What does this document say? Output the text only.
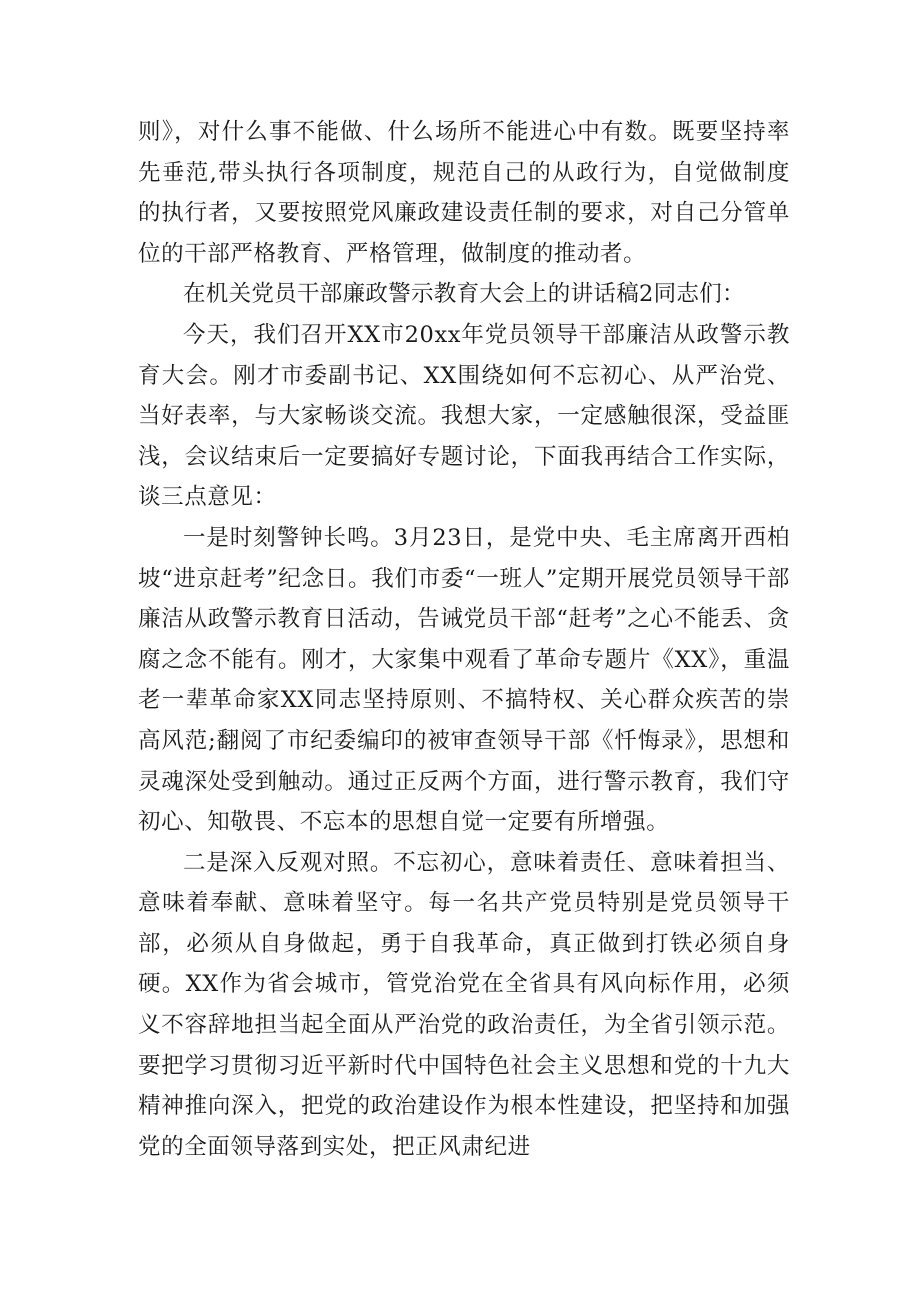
则》，对什么事不能做、什么场所不能进心中有数。既要坚持率先垂范,带头执行各项制度，规范自己的从政行为，自觉做制度的执行者，又要按照党风廉政建设责任制的要求，对自己分管单位的干部严格教育、严格管理，做制度的推动者。

在机关党员干部廉政警示教育大会上的讲话稿2同志们：

今天，我们召开XX市20xx年党员领导干部廉洁从政警示教育大会。刚才市委副书记、XX围绕如何不忘初心、从严治党、当好表率，与大家畅谈交流。我想大家，一定感触很深，受益匪浅，会议结束后一定要搞好专题讨论，下面我再结合工作实际，谈三点意见：

一是时刻警钟长鸣。3月23日，是党中央、毛主席离开西柏坡“进京赶考”纪念日。我们市委“一班人”定期开展党员领导干部廉洁从政警示教育日活动，告诫党员干部“赶考”之心不能丢、贪腐之念不能有。刚才，大家集中观看了革命专题片《XX》，重温老一辈革命家XX同志坚持原则、不搞特权、关心群众疾苦的崇高风范;翻阅了市纪委编印的被审查领导干部《忏悔录》，思想和灵魂深处受到触动。通过正反两个方面，进行警示教育，我们守初心、知敬畏、不忘本的思想自觉一定要有所增强。

二是深入反观对照。不忘初心，意味着责任、意味着担当、意味着奉献、意味着坚守。每一名共产党员特别是党员领导干部，必须从自身做起，勇于自我革命，真正做到打铁必须自身硬。XX作为省会城市，管党治党在全省具有风向标作用，必须义不容辞地担当起全面从严治党的政治责任，为全省引领示范。要把学习贯彻习近平新时代中国特色社会主义思想和党的十九大精神推向深入，把党的政治建设作为根本性建设，把坚持和加强党的全面领导落到实处，把正风肃纪进
